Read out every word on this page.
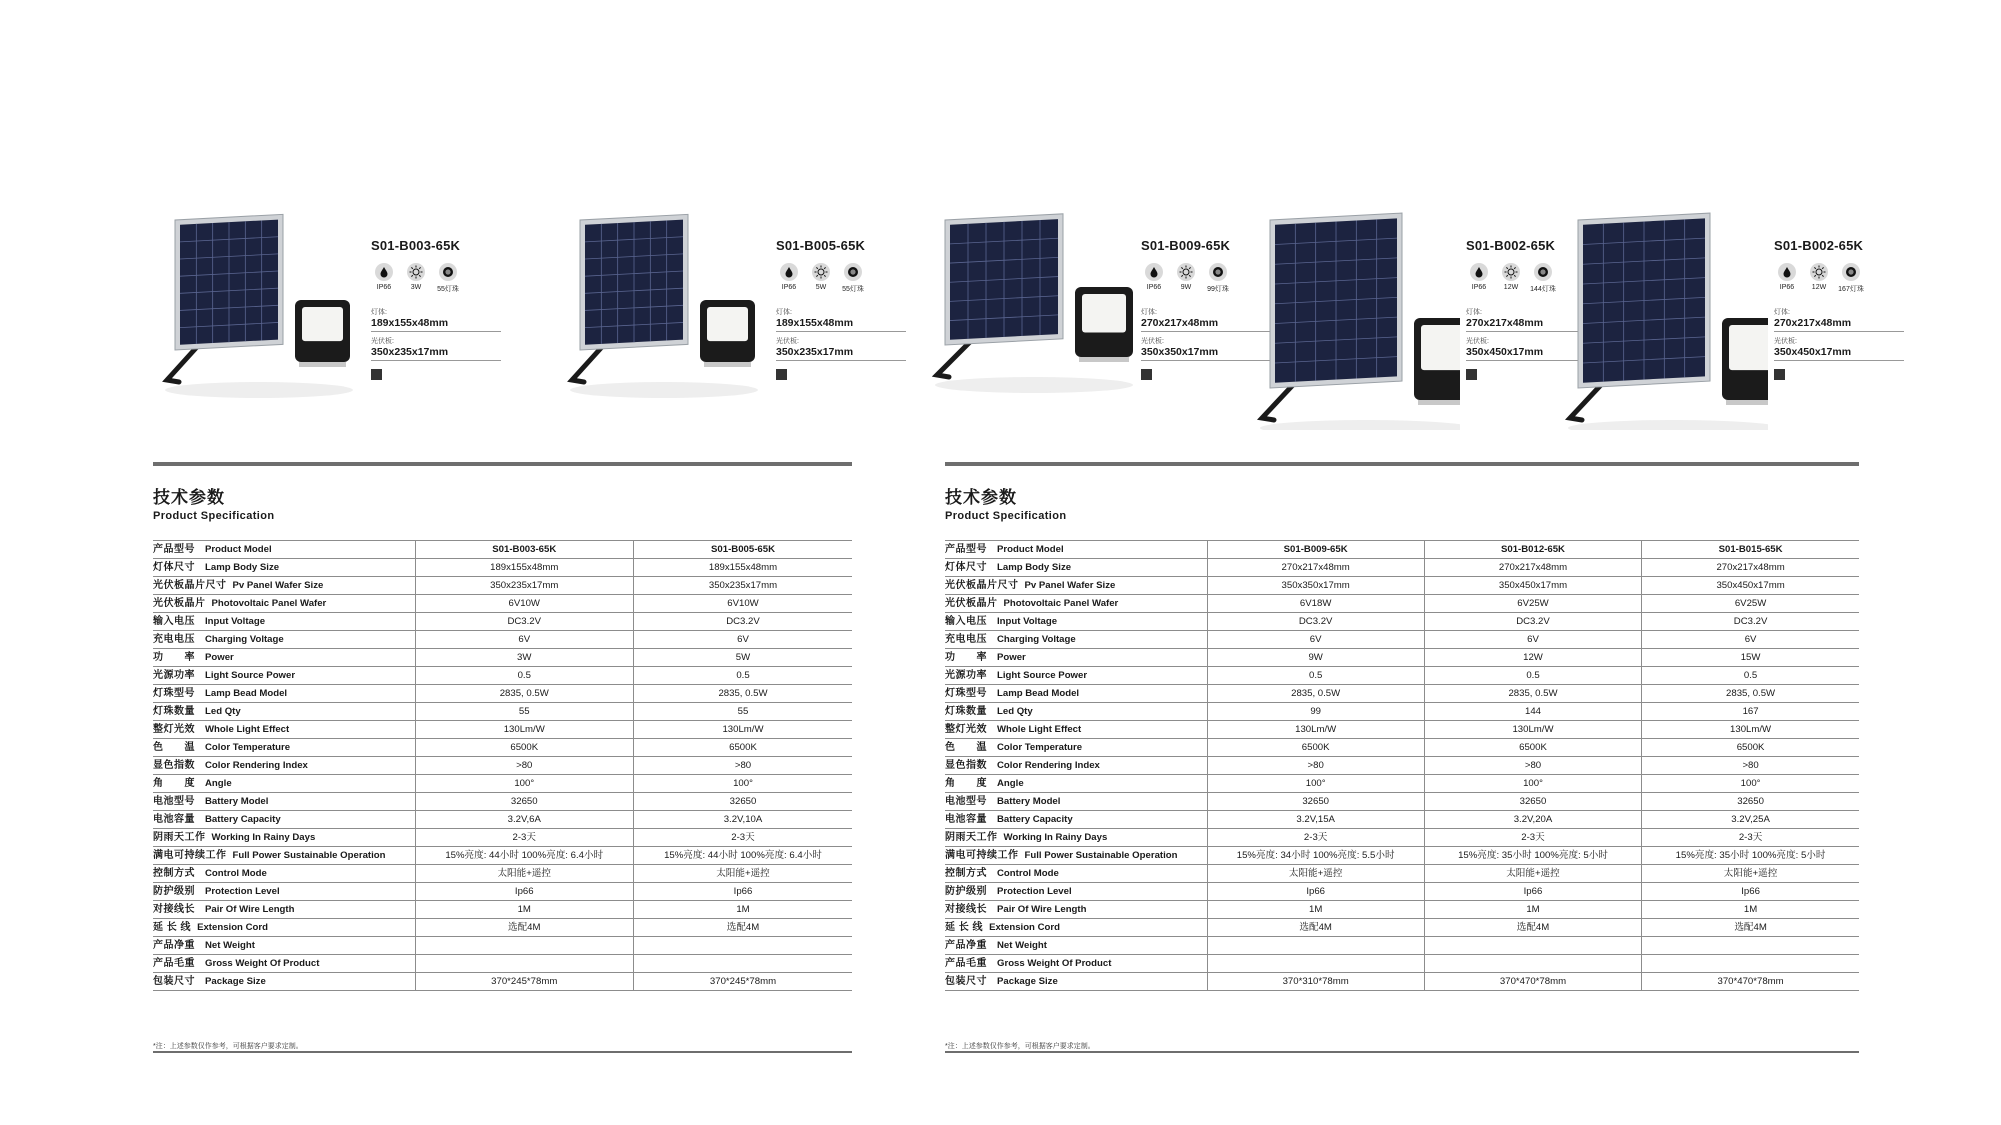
S01-B003-65K
IP66	3W 55灯珠
灯体:
189x155x48mm
光伏板:
350x235x17mm
S01-B005-65K
IP66	5W 55灯珠
灯体:
189x155x48mm
光伏板:
350x235x17mm
S01-B009-65K
IP66	9W 99灯珠
灯体:
270x217x48mm
光伏板:
350x350x17mm
S01-B002-65K
IP66	12W 144灯珠
灯体:
270x217x48mm
光伏板:
350x450x17mm
S01-B002-65K
IP66	12W 167灯珠
灯体:
270x217x48mm
光伏板:
350x450x17mm
技术参数
Product Specification
产品型号 Product Model	S01-B003-65K	S01-B005-65K
灯体尺寸 Lamp Body Size	189x155x48mm	189x155x48mm
光伏板晶片尺寸 Pv Panel Wafer Size	350x235x17mm	350x235x17mm
光伏板晶片 Photovoltaic Panel Wafer	6V10W	6V10W
输入电压 Input Voltage	DC3.2V	DC3.2V
充电电压 Charging Voltage	6V	6V
功　　率 Power	3W	5W
光源功率 Light Source Power	0.5	0.5
灯珠型号 Lamp Bead Model	2835, 0.5W	2835, 0.5W
灯珠数量 Led Qty	55	55
整灯光效 Whole Light Effect	130Lm/W	130Lm/W
色　　温 Color Temperature	6500K	6500K
显色指数 Color Rendering Index	>80	>80
角　　度 Angle	100°	100°
电池型号 Battery Model	32650	32650
电池容量 Battery Capacity	3.2V,6A	3.2V,10A
阴雨天工作 Working In Rainy Days	2-3天	2-3天
满电可持续工作 Full Power Sustainable Operation	15%亮度: 44小时 100%亮度: 6.4小时	15%亮度: 44小时 100%亮度: 6.4小时
控制方式 Control Mode	太阳能+遥控	太阳能+遥控
防护级别 Protection Level	Ip66	Ip66
对接线长 Pair Of Wire Length	1M	1M
延 长 线 Extension Cord	选配4M	选配4M
产品净重 Net Weight		
产品毛重 Gross Weight Of Product		
包装尺寸 Package Size	370*245*78mm	370*245*78mm
技术参数
Product Specification
产品型号 Product Model	S01-B009-65K	S01-B012-65K	S01-B015-65K
灯体尺寸 Lamp Body Size	270x217x48mm	270x217x48mm	270x217x48mm
光伏板晶片尺寸 Pv Panel Wafer Size	350x350x17mm	350x450x17mm	350x450x17mm
光伏板晶片 Photovoltaic Panel Wafer	6V18W	6V25W	6V25W
输入电压 Input Voltage	DC3.2V	DC3.2V	DC3.2V
充电电压 Charging Voltage	6V	6V	6V
功　　率 Power	9W	12W	15W
光源功率 Light Source Power	0.5	0.5	0.5
灯珠型号 Lamp Bead Model	2835, 0.5W	2835, 0.5W	2835, 0.5W
灯珠数量 Led Qty	99	144	167
整灯光效 Whole Light Effect	130Lm/W	130Lm/W	130Lm/W
色　　温 Color Temperature	6500K	6500K	6500K
显色指数 Color Rendering Index	>80	>80	>80
角　　度 Angle	100°	100°	100°
电池型号 Battery Model	32650	32650	32650
电池容量 Battery Capacity	3.2V,15A	3.2V,20A	3.2V,25A
阴雨天工作 Working In Rainy Days	2-3天	2-3天	2-3天
满电可持续工作 Full Power Sustainable Operation	15%亮度: 34小时 100%亮度: 5.5小时	15%亮度: 35小时 100%亮度: 5小时	15%亮度: 35小时 100%亮度: 5小时
控制方式 Control Mode	太阳能+遥控	太阳能+遥控	太阳能+遥控
防护级别 Protection Level	Ip66	Ip66	Ip66
对接线长 Pair Of Wire Length	1M	1M	1M
延 长 线 Extension Cord	选配4M	选配4M	选配4M
产品净重 Net Weight			
产品毛重 Gross Weight Of Product			
包装尺寸 Package Size	370*310*78mm	370*470*78mm	370*470*78mm
*注：上述参数仅作参考，可根据客户要求定制。	*注：上述参数仅作参考，可根据客户要求定制。
